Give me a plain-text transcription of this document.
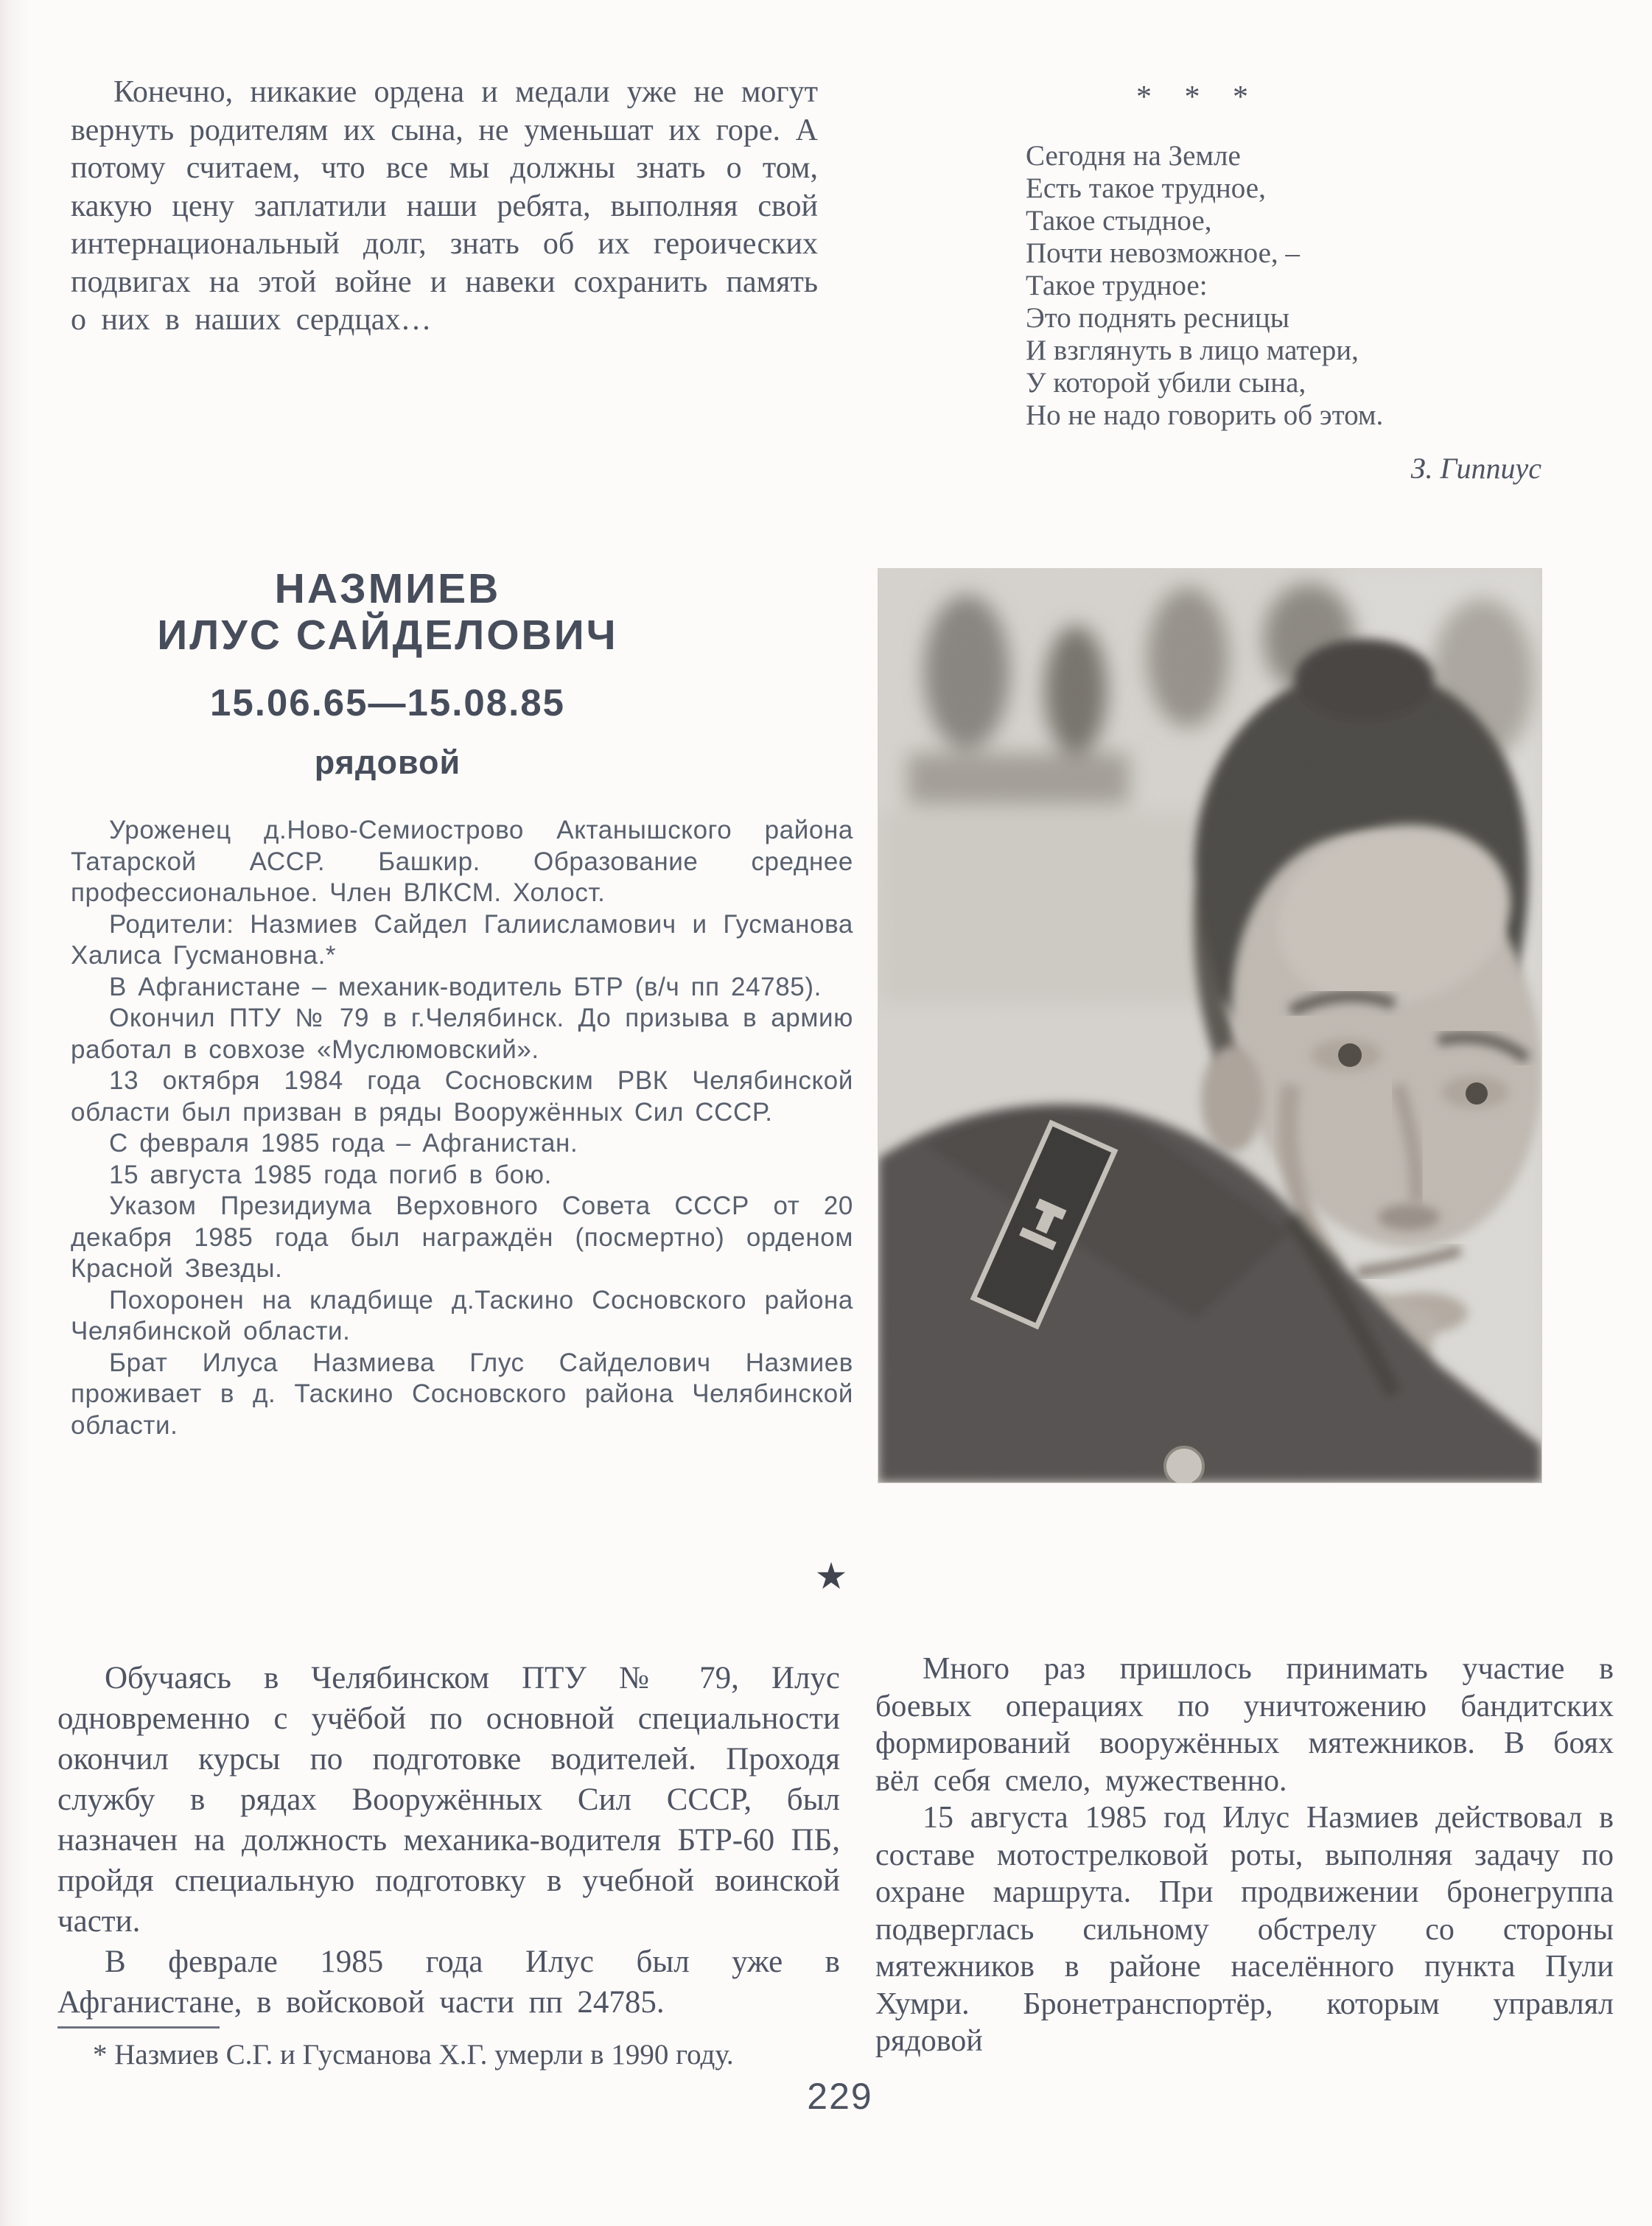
Конечно, никакие ордена и медали уже не могут вернуть родителям их сына, не уменьшат их горе. А потому считаем, что все мы должны знать о том, какую цену заплатили наши ребята, выполняя свой интернациональный долг, знать об их героических подвигах на этой войне и навеки сохранить память о них в наших сердцах…

* * *
Сегодня на Земле
Есть такое трудное,
Такое стыдное,
Почти невозможное, –
Такое трудное:
Это поднять ресницы
И взглянуть в лицо матери,
У которой убили сына,
Но не надо говорить об этом.
З. Гиппиус
НАЗМИЕВ
ИЛУС САЙДЕЛОВИЧ
15.06.65—15.08.85
рядовой

Уроженец д.Ново-Семиострово Актанышского района Татарской АССР. Башкир. Образование среднее профессиональное. Член ВЛКСМ. Холост.

Родители: Назмиев Сайдел Галиисламович и Гусманова Халиса Гусмановна.*

В Афганистане – механик-водитель БТР (в/ч пп 24785).

Окончил ПТУ № 79 в г.Челябинск. До призыва в армию работал в совхозе «Муслюмовский».

13 октября 1984 года Сосновским РВК Челябинской области был призван в ряды Вооружённых Сил СССР.

С февраля 1985 года – Афганистан.

15 августа 1985 года погиб в бою.

Указом Президиума Верховного Совета СССР от 20 декабря 1985 года был награждён (посмертно) орденом Красной Звезды.

Похоронен на кладбище д.Таскино Сосновского района Челябинской области.

Брат Илуса Назмиева Глус Сайделович Назмиев проживает в д. Таскино Сосновского района Челябинской области.

★

Обучаясь в Челябинском ПТУ № 79, Илус одновременно с учёбой по основной специальности окончил курсы по подготовке водителей. Проходя службу в рядах Вооружённых Сил СССР, был назначен на должность механика-водителя БТР-60 ПБ, пройдя специальную подготовку в учебной воинской части.

В феврале 1985 года Илус был уже в Афганистане, в войсковой части пп 24785.

Много раз пришлось принимать участие в боевых операциях по уничтожению бандитских формирований вооружённых мятежников. В боях вёл себя смело, мужественно.

15 августа 1985 год Илус Назмиев действовал в составе мотострелковой роты, выполняя задачу по охране маршрута. При продвижении бронегруппа подверглась сильному обстрелу со стороны мятежников в районе населённого пункта Пули Хумри. Бронетранспортёр, которым управлял рядовой

* Назмиев С.Г. и Гусманова Х.Г. умерли в 1990 году.

229
